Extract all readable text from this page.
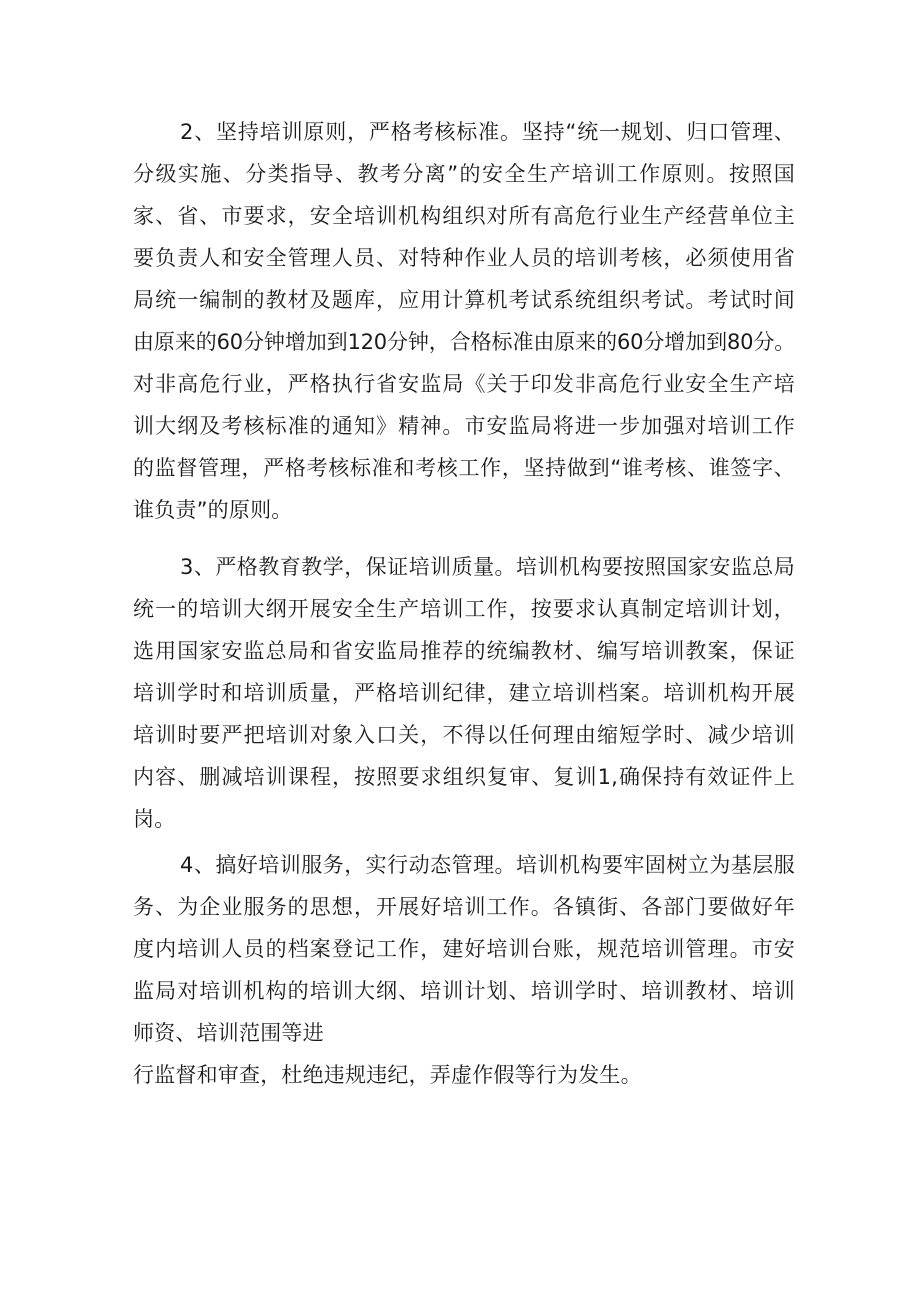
2、坚持培训原则，严格考核标准。坚持“统一规划、归口管理、
分级实施、分类指导、教考分离”的安全生产培训工作原则。按照国
家、省、市要求，安全培训机构组织对所有高危行业生产经营单位主
要负责人和安全管理人员、对特种作业人员的培训考核，必须使用省
局统一编制的教材及题库，应用计算机考试系统组织考试。考试时间
由原来的60分钟增加到120分钟，合格标准由原来的60分增加到80分。
对非高危行业，严格执行省安监局《关于印发非高危行业安全生产培
训大纲及考核标准的通知》精神。市安监局将进一步加强对培训工作
的监督管理，严格考核标准和考核工作，坚持做到“谁考核、谁签字、
谁负责”的原则。
3、严格教育教学，保证培训质量。培训机构要按照国家安监总局
统一的培训大纲开展安全生产培训工作，按要求认真制定培训计划，
选用国家安监总局和省安监局推荐的统编教材、编写培训教案，保证
培训学时和培训质量，严格培训纪律，建立培训档案。培训机构开展
培训时要严把培训对象入口关，不得以任何理由缩短学时、减少培训
内容、删减培训课程，按照要求组织复审、复训1,确保持有效证件上
岗。
4、搞好培训服务，实行动态管理。培训机构要牢固树立为基层服
务、为企业服务的思想，开展好培训工作。各镇街、各部门要做好年
度内培训人员的档案登记工作，建好培训台账，规范培训管理。市安
监局对培训机构的培训大纲、培训计划、培训学时、培训教材、培训
师资、培训范围等进
行监督和审查，杜绝违规违纪，弄虚作假等行为发生。
